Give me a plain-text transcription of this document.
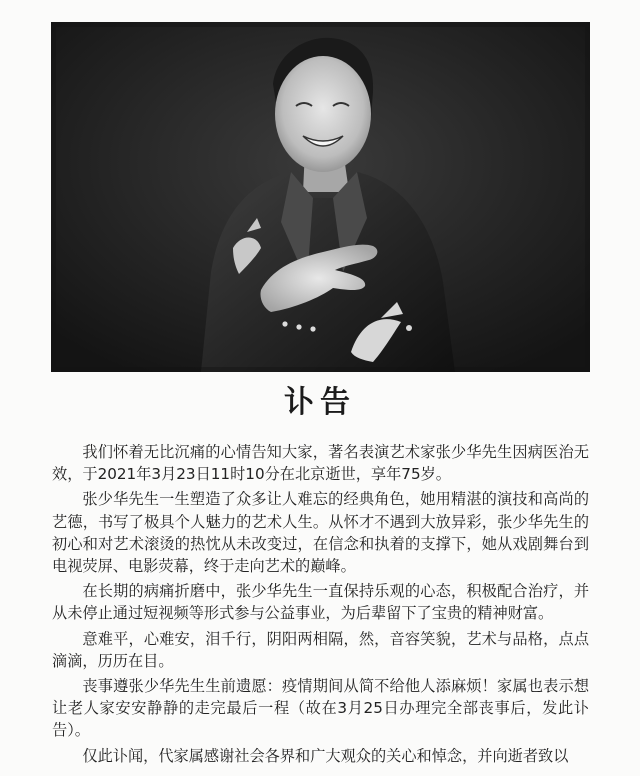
讣告

我们怀着无比沉痛的心情告知大家，著名表演艺术家张少华先生因病医治无效，于2021年3月23日11时10分在北京逝世，享年75岁。

张少华先生一生塑造了众多让人难忘的经典角色，她用精湛的演技和高尚的艺德，书写了极具个人魅力的艺术人生。从怀才不遇到大放异彩，张少华先生的初心和对艺术滚烫的热忱从未改变过，在信念和执着的支撑下，她从戏剧舞台到电视荧屏、电影荧幕，终于走向艺术的巅峰。

在长期的病痛折磨中，张少华先生一直保持乐观的心态，积极配合治疗，并从未停止通过短视频等形式参与公益事业，为后辈留下了宝贵的精神财富。

意难平，心难安，泪千行，阴阳两相隔，然，音容笑貌，艺术与品格，点点滴滴，历历在目。

丧事遵张少华先生生前遗愿：疫情期间从简不给他人添麻烦！家属也表示想让老人家安安静静的走完最后一程（故在3月25日办理完全部丧事后，发此讣告）。

仅此讣闻，代家属感谢社会各界和广大观众的关心和悼念，并向逝者致以
